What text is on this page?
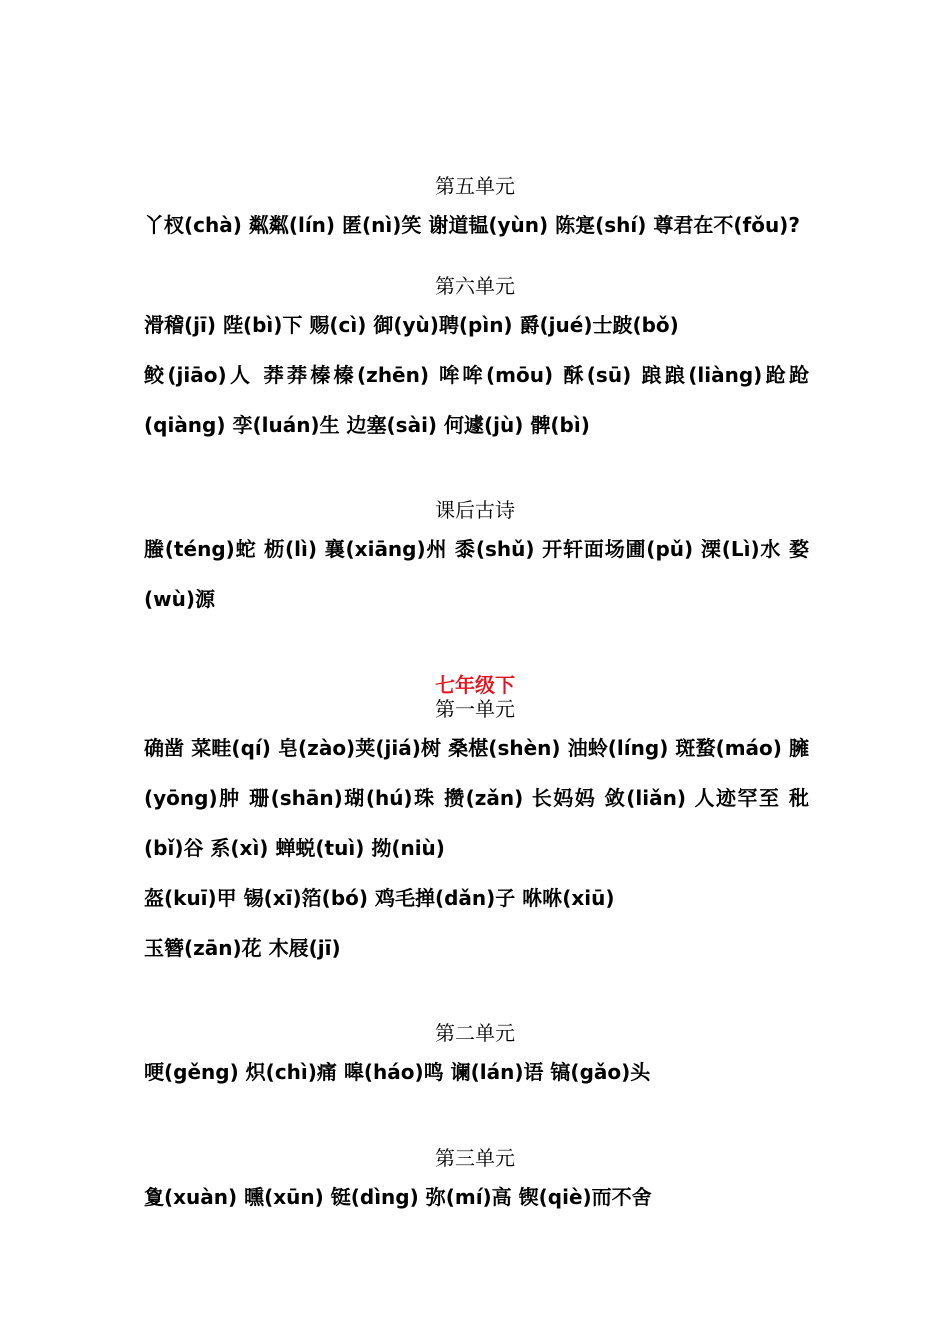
第五单元
丫杈(chà) 粼粼(lín) 匿(nì)笑 谢道韫(yùn) 陈寔(shí) 尊君在不(fǒu)?
第六单元
滑稽(jī) 陛(bì)下 赐(cì) 御(yù)聘(pìn) 爵(jué)士跛(bǒ)
鲛(jiāo)人 莽莽榛榛(zhēn) 哞哞(mōu) 酥(sū) 踉踉(liàng)跄跄
(qiàng) 孪(luán)生 边塞(sài) 何遽(jù) 髀(bì)
课后古诗
螣(téng)蛇 枥(lì) 襄(xiāng)州 黍(shǔ) 开轩面场圃(pǔ) 溧(Lì)水 婺
(wù)源
七年级下
第一单元
确凿 菜畦(qí) 皂(zào)荚(jiá)树 桑椹(shèn) 油蛉(líng) 斑蝥(máo) 臃
(yōng)肿 珊(shān)瑚(hú)珠 攒(zǎn) 长妈妈 敛(liǎn) 人迹罕至 秕
(bǐ)谷 系(xì) 蝉蜕(tuì) 拗(niù)
盔(kuī)甲 锡(xī)箔(bó) 鸡毛掸(dǎn)子 咻咻(xiū)
玉簪(zān)花 木屐(jī)
第二单元
哽(gěng) 炽(chì)痛 嗥(háo)鸣 谰(lán)语 镐(gǎo)头
第三单元
夐(xuàn) 曛(xūn) 铤(dìng) 弥(mí)高 锲(qiè)而不舍
